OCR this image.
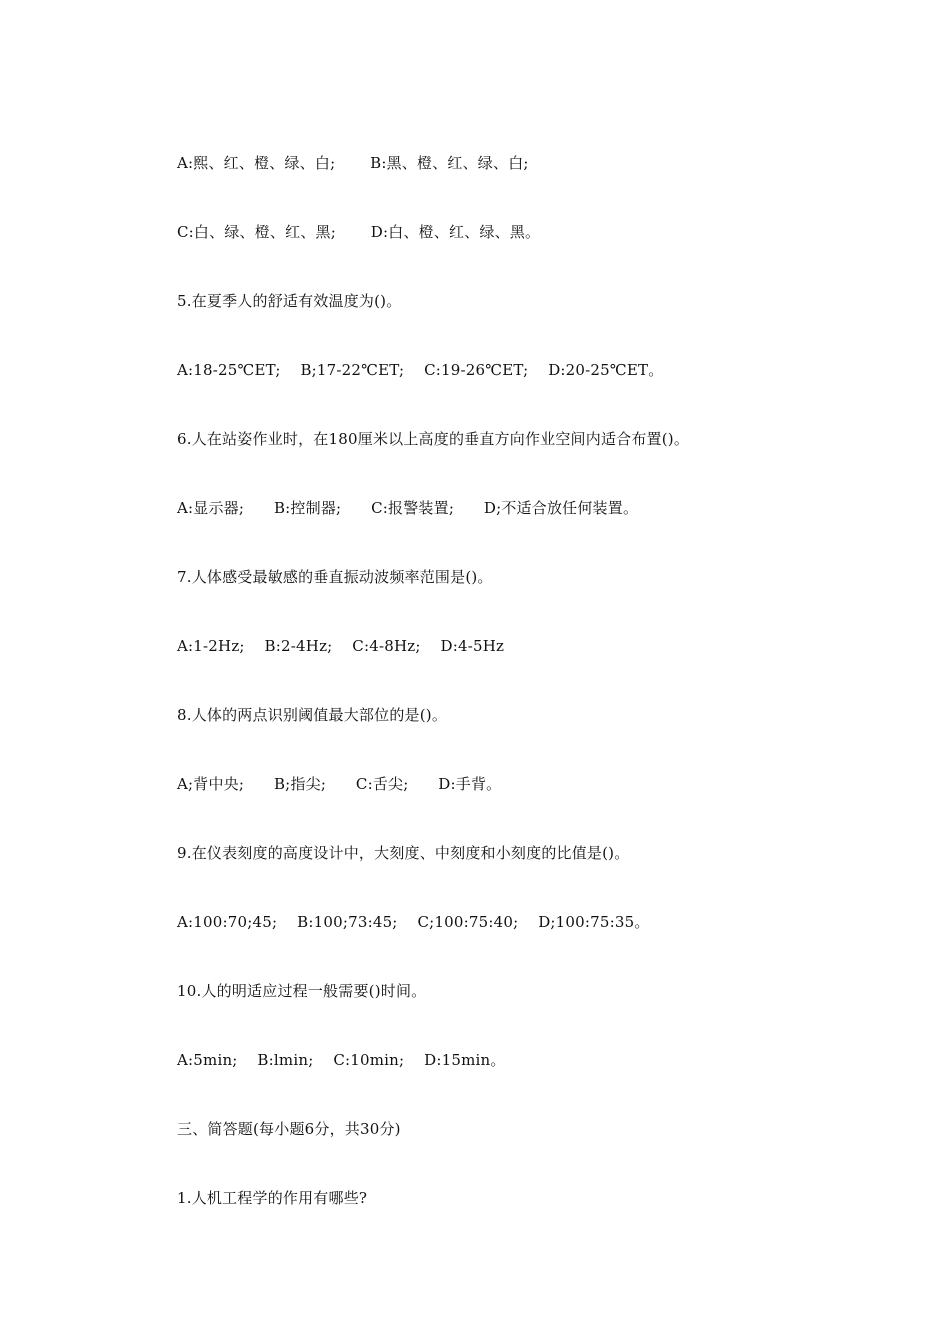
A:熙、红、橙、绿、白;       B:黑、橙、红、绿、白;
C:白、绿、橙、红、黑;       D:白、橙、红、绿、黑。
5.在夏季人的舒适有效温度为()。
A:18-25℃ET;    B;17-22℃ET;    C:19-26℃ET;    D:20-25℃ET。
6.人在站姿作业时，在180厘米以上高度的垂直方向作业空间内适合布置()。
A:显示器;      B:控制器;      C:报警装置;      D;不适合放任何装置。
7.人体感受最敏感的垂直振动波频率范围是()。
A:1-2Hz;    B:2-4Hz;    C:4-8Hz;    D:4-5Hz
8.人体的两点识别阈值最大部位的是()。
A;背中央;      B;指尖;      C:舌尖;      D:手背。
9.在仪表刻度的高度设计中，大刻度、中刻度和小刻度的比值是()。
A:100:70;45;    B:100;73:45;    C;100:75:40;    D;100:75:35。
10.人的明适应过程一般需要()时间。
A:5min;    B:lmin;    C:10min;    D:15min。
三、简答题(每小题6分，共30分)
1.人机工程学的作用有哪些?
